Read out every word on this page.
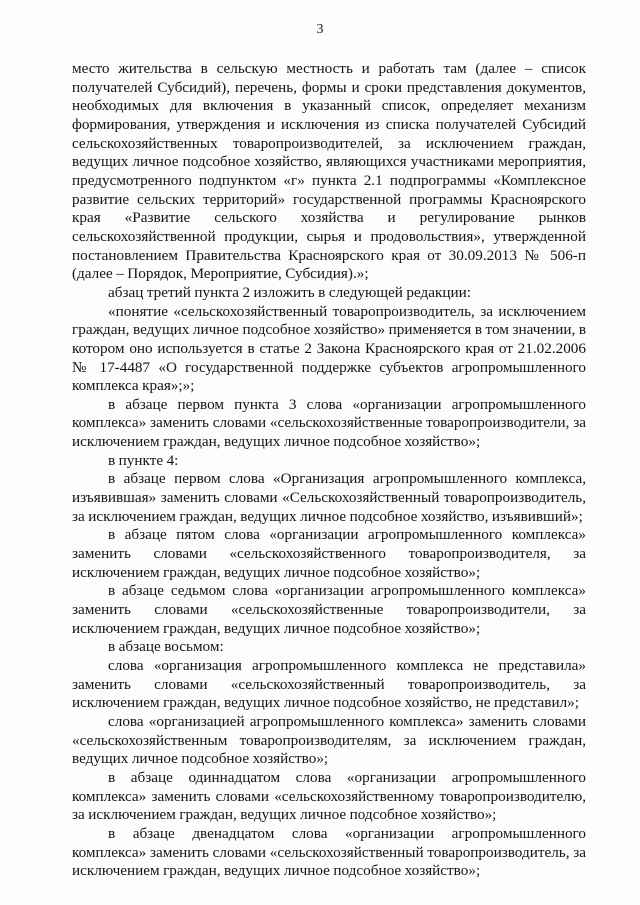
3

место жительства в сельскую местность и работать там (далее – список получателей Субсидий), перечень, формы и сроки представления документов, необходимых для включения в указанный список, определяет механизм формирования, утверждения и исключения из списка получателей Субсидий сельскохозяйственных товаропроизводителей, за исключением граждан, ведущих личное подсобное хозяйство, являющихся участниками мероприятия, предусмотренного подпунктом «г» пункта 2.1 подпрограммы «Комплексное развитие сельских территорий» государственной программы Красноярского края «Развитие сельского хозяйства и регулирование рынков сельскохозяйственной продукции, сырья и продовольствия», утвержденной постановлением Правительства Красноярского края от 30.09.2013 № 506-п (далее – Порядок, Мероприятие, Субсидия).»;

абзац третий пункта 2 изложить в следующей редакции:

«понятие «сельскохозяйственный товаропроизводитель, за исключением граждан, ведущих личное подсобное хозяйство» применяется в том значении, в котором оно используется в статье 2 Закона Красноярского края от 21.02.2006 № 17-4487 «О государственной поддержке субъектов агропромышленного комплекса края»;»;

в абзаце первом пункта 3 слова «организации агропромышленного комплекса» заменить словами «сельскохозяйственные товаропроизводители, за исключением граждан, ведущих личное подсобное хозяйство»;

в пункте 4:

в абзаце первом слова «Организация агропромышленного комплекса, изъявившая» заменить словами «Сельскохозяйственный товаропроизводитель, за исключением граждан, ведущих личное подсобное хозяйство, изъявивший»;

в абзаце пятом слова «организации агропромышленного комплекса» заменить словами «сельскохозяйственного товаропроизводителя, за исключением граждан, ведущих личное подсобное хозяйство»;

в абзаце седьмом слова «организации агропромышленного комплекса» заменить словами «сельскохозяйственные товаропроизводители, за исключением граждан, ведущих личное подсобное хозяйство»;

в абзаце восьмом:

слова «организация агропромышленного комплекса не представила» заменить словами «сельскохозяйственный товаропроизводитель, за исключением граждан, ведущих личное подсобное хозяйство, не представил»;

слова «организацией агропромышленного комплекса» заменить словами «сельскохозяйственным товаропроизводителям, за исключением граждан, ведущих личное подсобное хозяйство»;

в абзаце одиннадцатом слова «организации агропромышленного комплекса» заменить словами «сельскохозяйственному товаропроизводителю, за исключением граждан, ведущих личное подсобное хозяйство»;

в абзаце двенадцатом слова «организации агропромышленного комплекса» заменить словами «сельскохозяйственный товаропроизводитель, за исключением граждан, ведущих личное подсобное хозяйство»;
